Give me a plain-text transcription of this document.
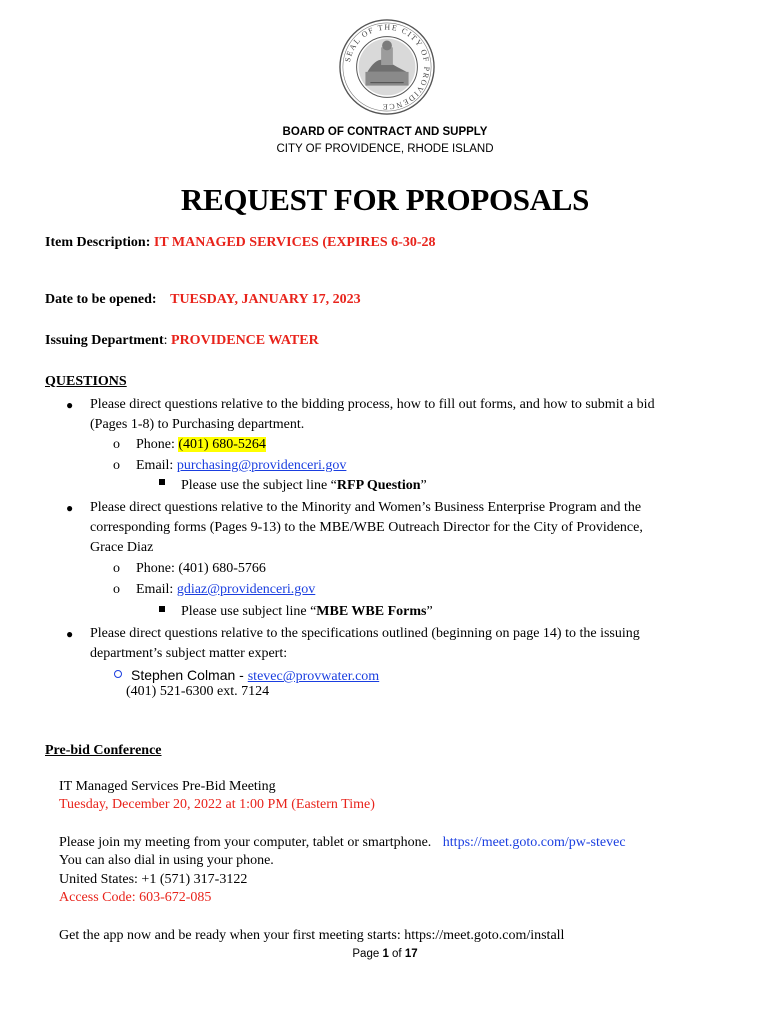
SEAL OF THE CITY OF PROVIDENCE
BOARD OF CONTRACT AND SUPPLY
CITY OF PROVIDENCE, RHODE ISLAND
REQUEST FOR PROPOSALS
Item Description: IT MANAGED SERVICES (EXPIRES 6-30-28
Date to be opened: TUESDAY, JANUARY 17, 2023
Issuing Department: PROVIDENCE WATER
QUESTIONS
● Please direct questions relative to the bidding process, how to fill out forms, and how to submit a bid
(Pages 1-8) to Purchasing department.
o Phone: (401) 680-5264
o Email: purchasing@providenceri.gov
Please use the subject line “RFP Question”
● Please direct questions relative to the Minority and Women’s Business Enterprise Program and the
corresponding forms (Pages 9-13) to the MBE/WBE Outreach Director for the City of Providence,
Grace Diaz
o Phone: (401) 680-5766
o Email: gdiaz@providenceri.gov
Please use subject line “MBE WBE Forms”
● Please direct questions relative to the specifications outlined (beginning on page 14) to the issuing
department’s subject matter expert:
Stephen Colman - stevec@provwater.com
(401) 521-6300 ext. 7124
Pre-bid Conference
IT Managed Services Pre-Bid Meeting
Tuesday, December 20, 2022 at 1:00 PM (Eastern Time)
Please join my meeting from your computer, tablet or smartphone. https://meet.goto.com/pw-stevec
You can also dial in using your phone.
United States: +1 (571) 317-3122
Access Code: 603-672-085
Get the app now and be ready when your first meeting starts: https://meet.goto.com/install
Page 1 of 17
